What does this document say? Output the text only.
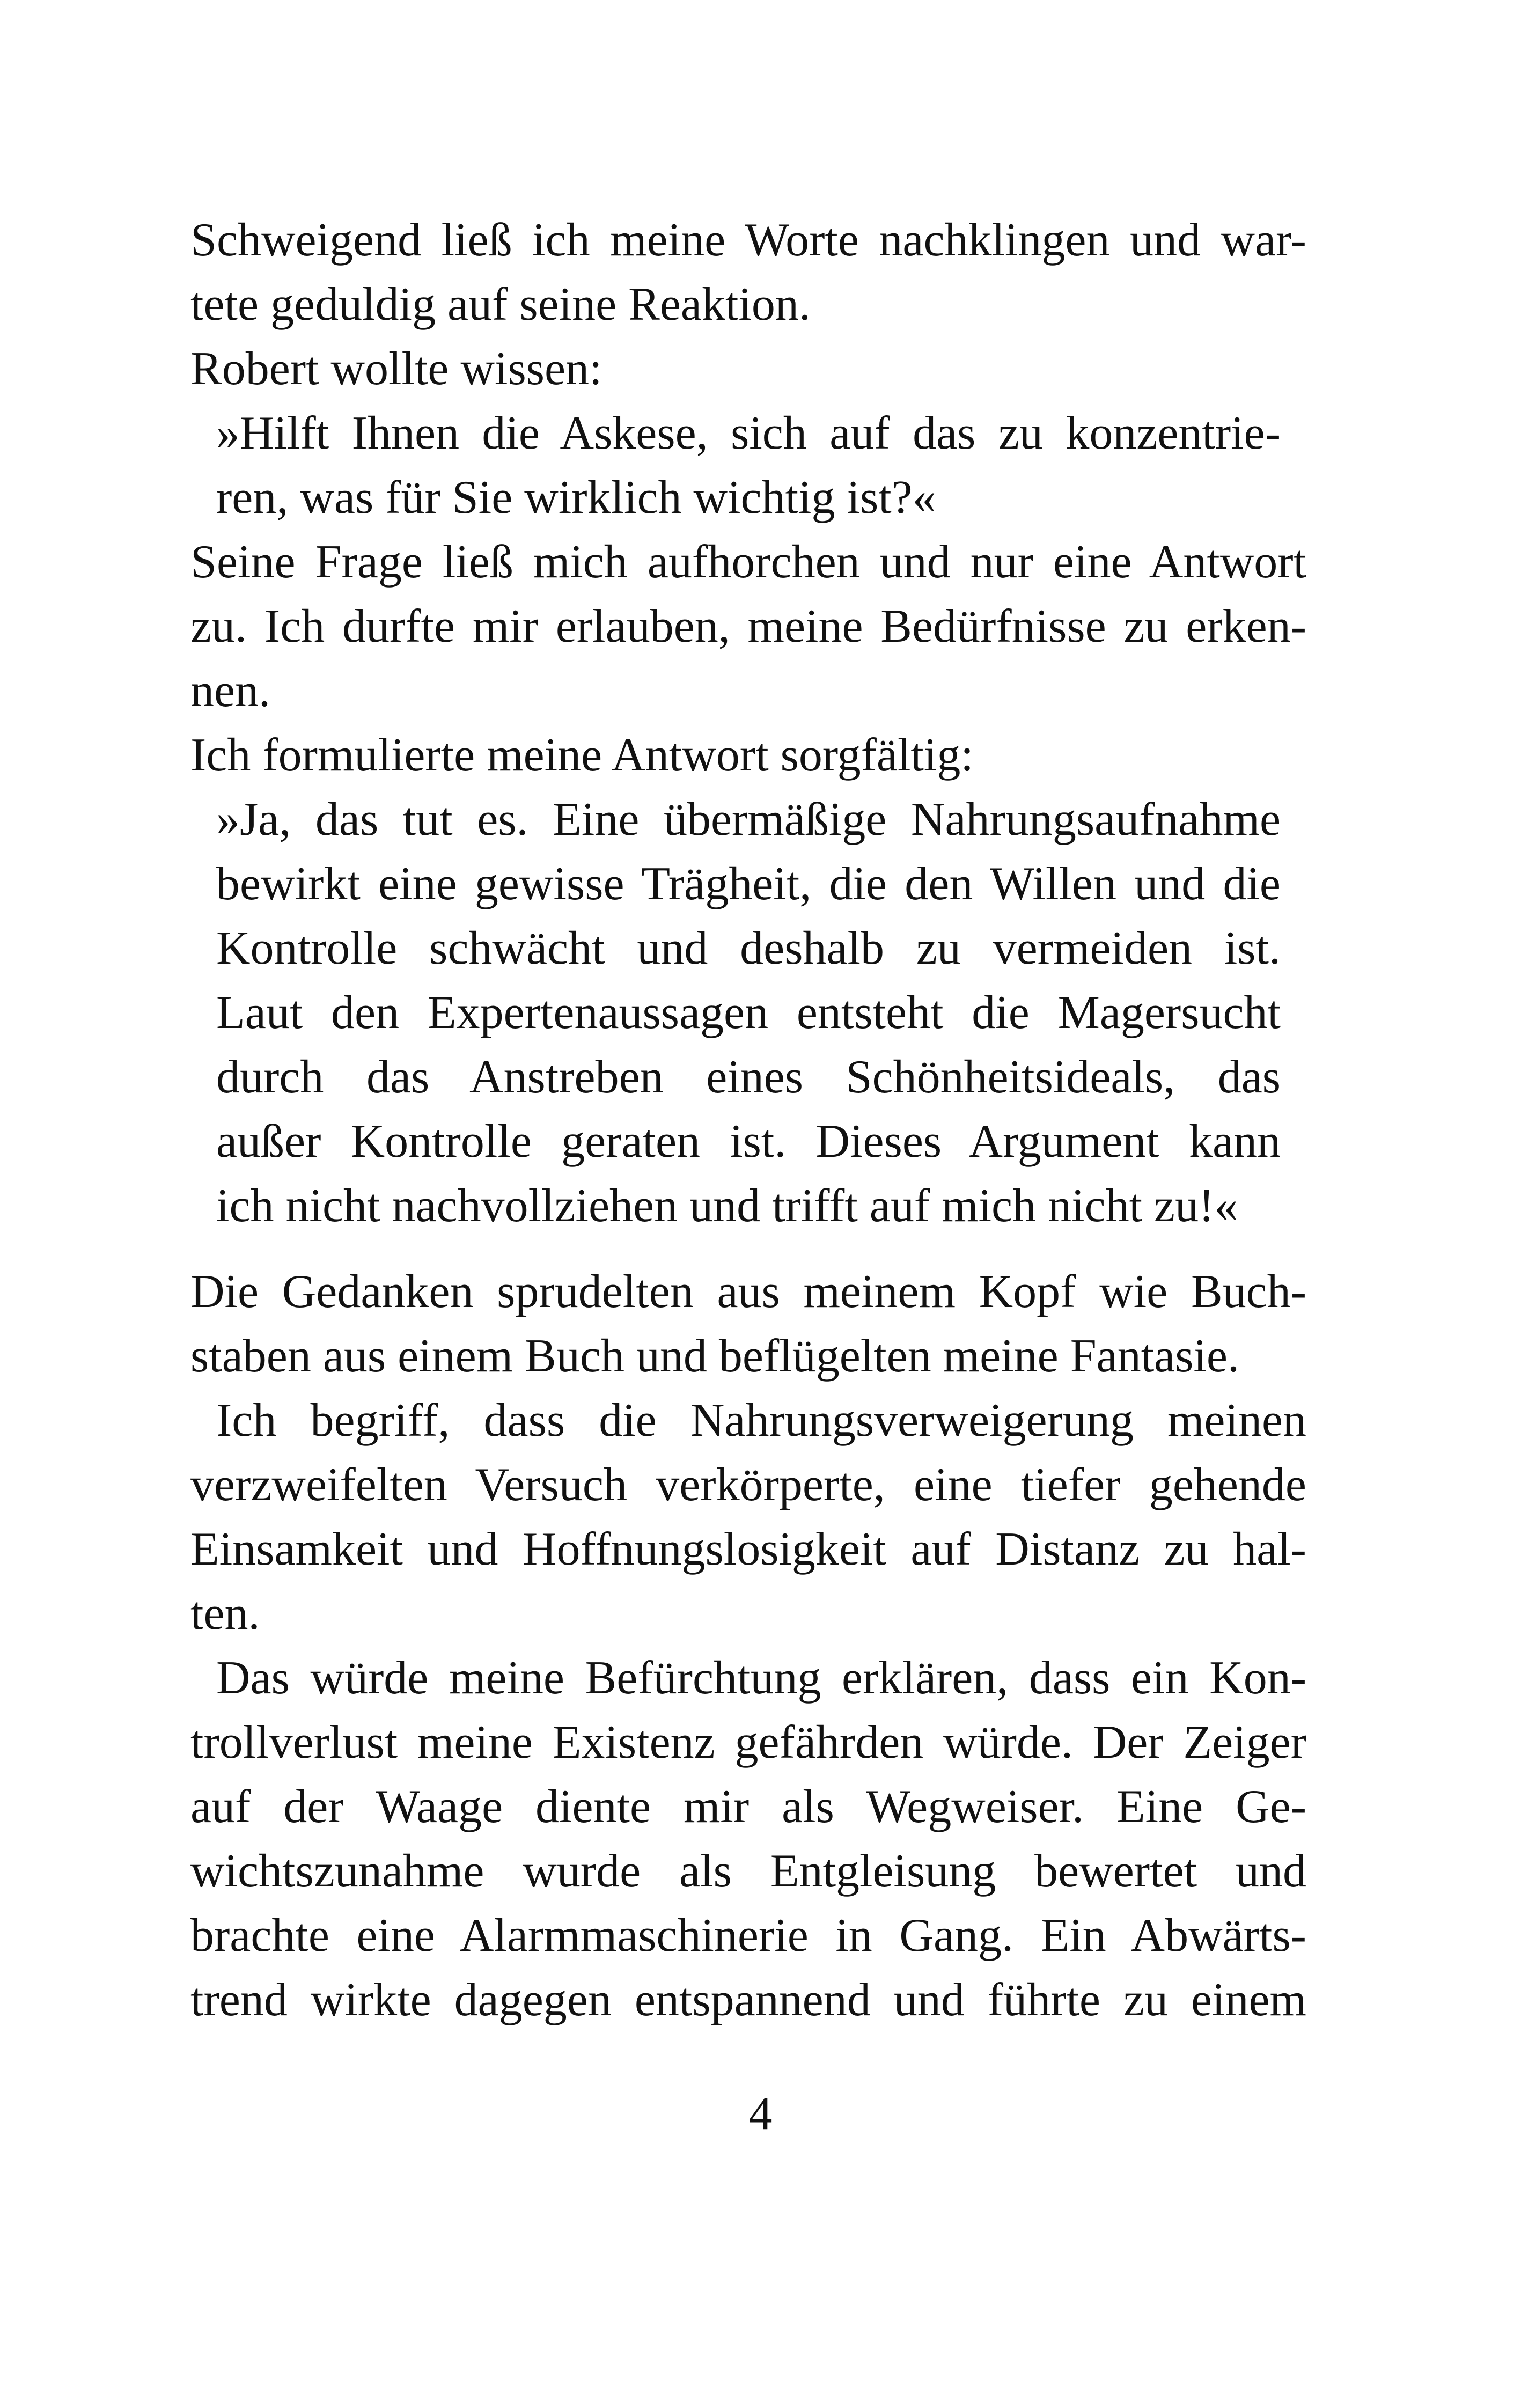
Schweigend ließ ich meine Worte nachklingen und war-
tete geduldig auf seine Reaktion.
Robert wollte wissen:
»Hilft Ihnen die Askese, sich auf das zu konzentrie-
ren, was für Sie wirklich wichtig ist?«
Seine Frage ließ mich aufhorchen und nur eine Antwort
zu. Ich durfte mir erlauben, meine Bedürfnisse zu erken-
nen.
Ich formulierte meine Antwort sorgfältig:
»Ja, das tut es. Eine übermäßige Nahrungsaufnahme
bewirkt eine gewisse Trägheit, die den Willen und die
Kontrolle schwächt und deshalb zu vermeiden ist.
Laut den Expertenaussagen entsteht die Magersucht
durch das Anstreben eines Schönheitsideals, das
außer Kontrolle geraten ist. Dieses Argument kann
ich nicht nachvollziehen und trifft auf mich nicht zu!«
Die Gedanken sprudelten aus meinem Kopf wie Buch-
staben aus einem Buch und beflügelten meine Fantasie.
Ich begriff, dass die Nahrungsverweigerung meinen
verzweifelten Versuch verkörperte, eine tiefer gehende
Einsamkeit und Hoffnungslosigkeit auf Distanz zu hal-
ten.
Das würde meine Befürchtung erklären, dass ein Kon-
trollverlust meine Existenz gefährden würde. Der Zeiger
auf der Waage diente mir als Wegweiser. Eine Ge-
wichtszunahme wurde als Entgleisung bewertet und
brachte eine Alarmmaschinerie in Gang. Ein Abwärts-
trend wirkte dagegen entspannend und führte zu einem
4
